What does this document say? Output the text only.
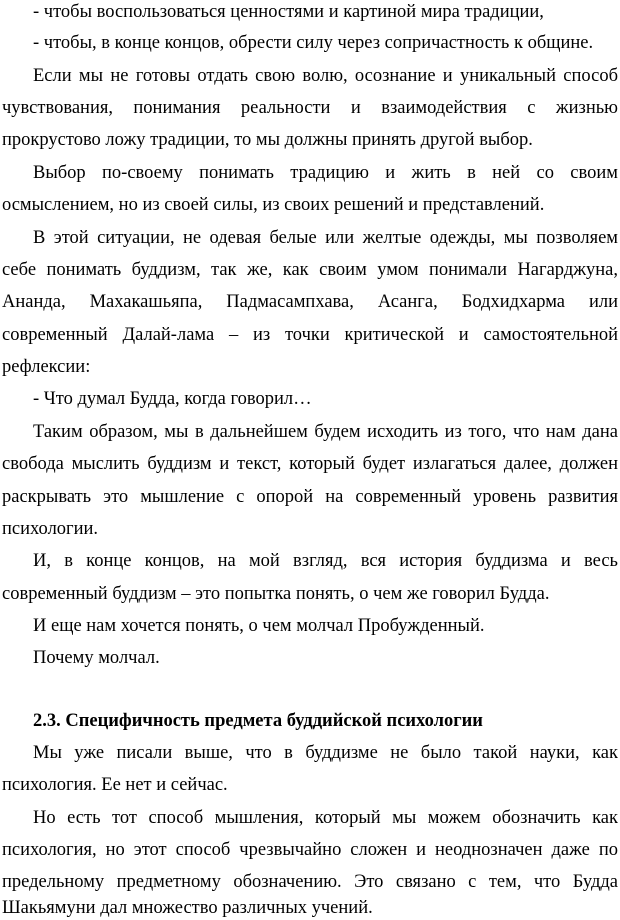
- чтобы воспользоваться ценностями и картиной мира традиции,
- чтобы, в конце концов, обрести силу через сопричастность к общине.
Если мы не готовы отдать свою волю, осознание и уникальный способ
чувствования, понимания реальности и взаимодействия с жизнью
прокрустово ложу традиции, то мы должны принять другой выбор.
Выбор по-своему понимать традицию и жить в ней со своим
осмыслением, но из своей силы, из своих решений и представлений.
В этой ситуации, не одевая белые или желтые одежды, мы позволяем
себе понимать буддизм, так же, как своим умом понимали Нагарджуна,
Ананда, Махакашьяпа, Падмасампхава, Асанга, Бодхидхарма или
современный Далай-лама – из точки критической и самостоятельной
рефлексии:
- Что думал Будда, когда говорил…
Таким образом, мы в дальнейшем будем исходить из того, что нам дана
свобода мыслить буддизм и текст, который будет излагаться далее, должен
раскрывать это мышление с опорой на современный уровень развития
психологии.
И, в конце концов, на мой взгляд, вся история буддизма и весь
современный буддизм – это попытка понять, о чем же говорил Будда.
И еще нам хочется понять, о чем молчал Пробужденный.
Почему молчал.
2.3. Специфичность предмета буддийской психологии
Мы уже писали выше, что в буддизме не было такой науки, как
психология. Ее нет и сейчас.
Но есть тот способ мышления, который мы можем обозначить как
психология, но этот способ чрезвычайно сложен и неоднозначен даже по
предельному предметному обозначению. Это связано с тем, что Будда
Шакьямуни дал множество различных учений.
